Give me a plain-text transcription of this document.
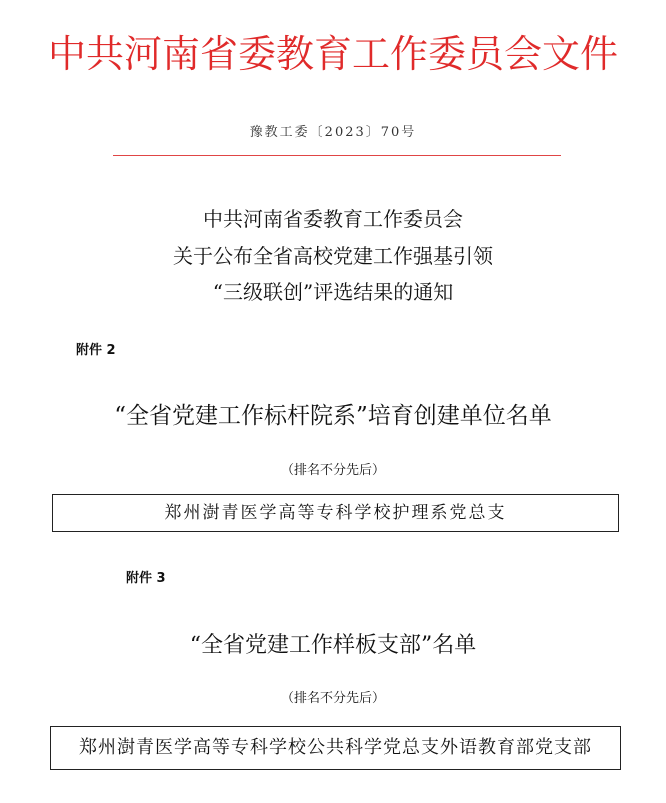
中共河南省委教育工作委员会文件
豫教工委〔2023〕70号
中共河南省委教育工作委员会
关于公布全省高校党建工作强基引领
“三级联创”评选结果的通知
附件 2
“全省党建工作标杆院系”培育创建单位名单
（排名不分先后）
郑州澍青医学高等专科学校护理系党总支
附件 3
“全省党建工作样板支部”名单
（排名不分先后）
郑州澍青医学高等专科学校公共科学党总支外语教育部党支部
